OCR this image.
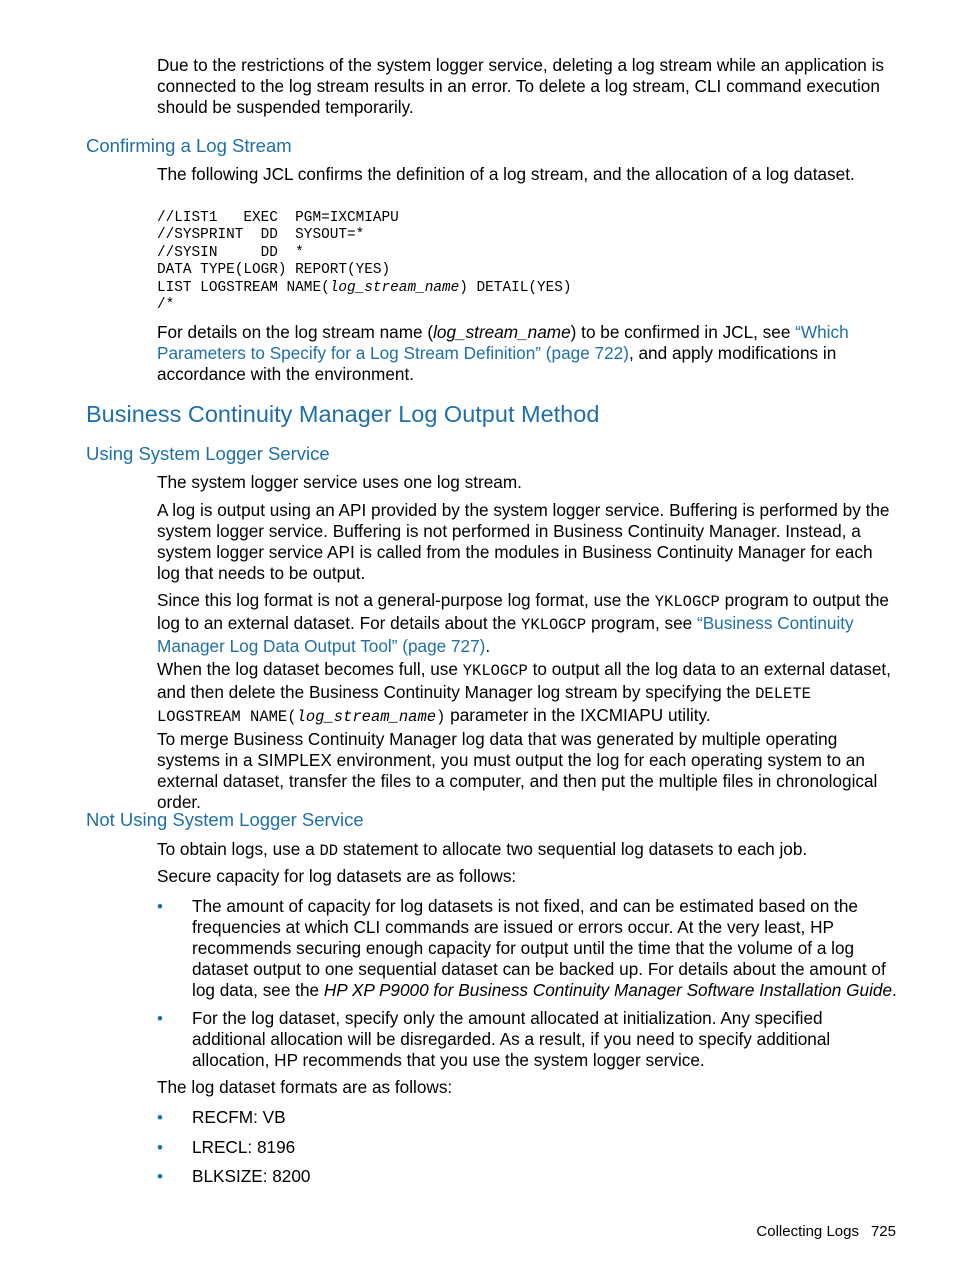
Due to the restrictions of the system logger service, deleting a log stream while an application is connected to the log stream results in an error. To delete a log stream, CLI command execution should be suspended temporarily.

Confirming a Log Stream

The following JCL confirms the definition of a log stream, and the allocation of a log dataset.

//LIST1   EXEC  PGM=IXCMIAPU
//SYSPRINT  DD  SYSOUT=*
//SYSIN     DD  *
DATA TYPE(LOGR) REPORT(YES)
LIST LOGSTREAM NAME(log_stream_name) DETAIL(YES)
/*

For details on the log stream name (log_stream_name) to be confirmed in JCL, see “Which Parameters to Specify for a Log Stream Definition” (page 722), and apply modifications in accordance with the environment.

Business Continuity Manager Log Output Method
Using System Logger Service

The system logger service uses one log stream.

A log is output using an API provided by the system logger service. Buffering is performed by the system logger service. Buffering is not performed in Business Continuity Manager. Instead, a system logger service API is called from the modules in Business Continuity Manager for each log that needs to be output.

Since this log format is not a general-purpose log format, use the YKLOGCP program to output the log to an external dataset. For details about the YKLOGCP program, see “Business Continuity Manager Log Data Output Tool” (page 727).

When the log dataset becomes full, use YKLOGCP to output all the log data to an external dataset, and then delete the Business Continuity Manager log stream by specifying the DELETE LOGSTREAM NAME(log_stream_name) parameter in the IXCMIAPU utility.

To merge Business Continuity Manager log data that was generated by multiple operating systems in a SIMPLEX environment, you must output the log for each operating system to an external dataset, transfer the files to a computer, and then put the multiple files in chronological order.

Not Using System Logger Service

To obtain logs, use a DD statement to allocate two sequential log datasets to each job.

Secure capacity for log datasets are as follows:

• The amount of capacity for log datasets is not fixed, and can be estimated based on the frequencies at which CLI commands are issued or errors occur. At the very least, HP recommends securing enough capacity for output until the time that the volume of a log dataset output to one sequential dataset can be backed up. For details about the amount of log data, see the HP XP P9000 for Business Continuity Manager Software Installation Guide.
• For the log dataset, specify only the amount allocated at initialization. Any specified additional allocation will be disregarded. As a result, if you need to specify additional allocation, HP recommends that you use the system logger service.

The log dataset formats are as follows:

• RECFM: VB
• LRECL: 8196
• BLKSIZE: 8200
Collecting Logs 725
